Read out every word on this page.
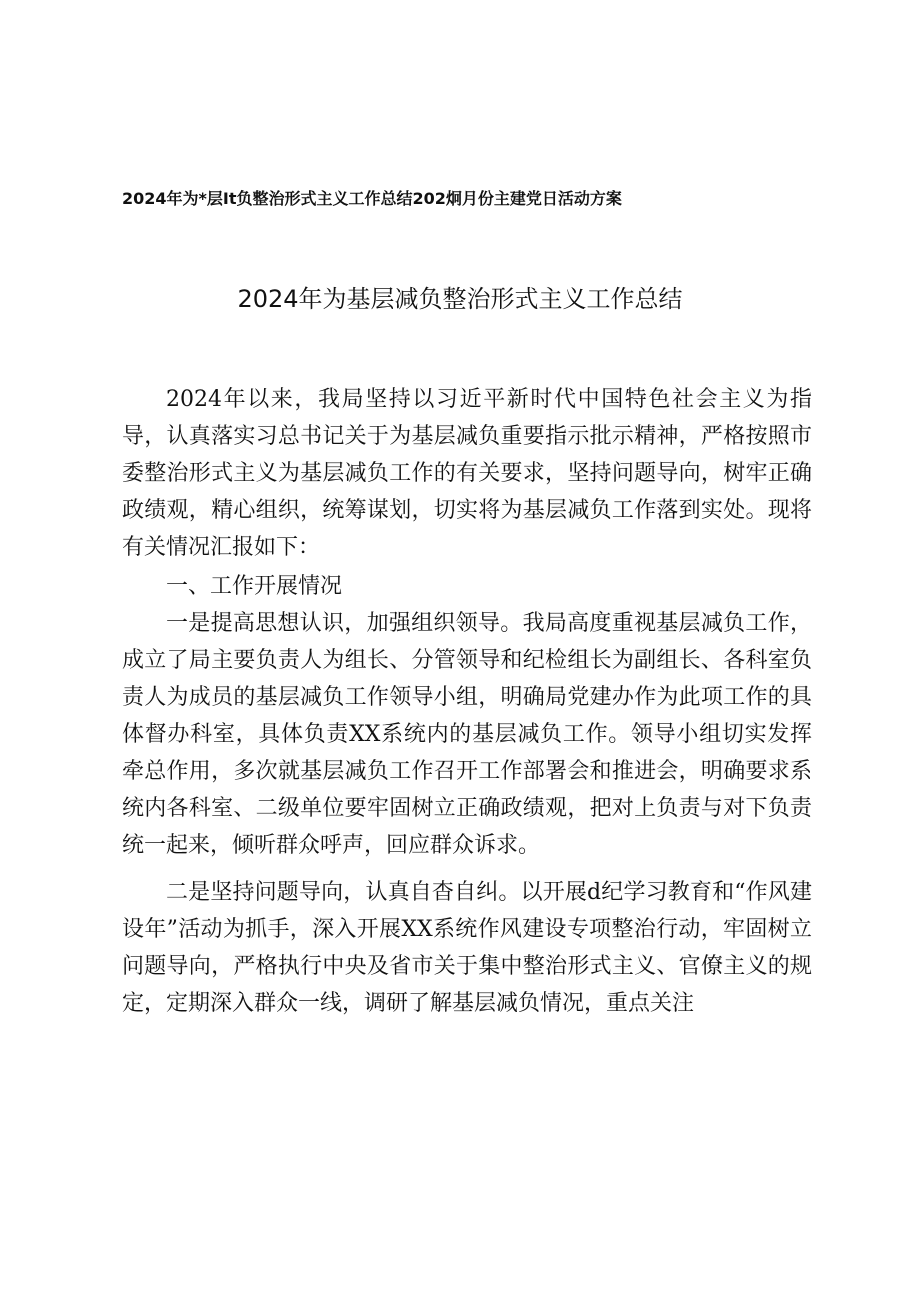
2024年为*层It负整治形式主义工作总结202炯月份主建党日活动方案
2024年为基层减负整治形式主义工作总结

2024年以来，我局坚持以习近平新时代中国特色社会主义为指导，认真落实习总书记关于为基层减负重要指示批示精神，严格按照市委整治形式主义为基层减负工作的有关要求，坚持问题导向，树牢正确政绩观，精心组织，统筹谋划，切实将为基层减负工作落到实处。现将有关情况汇报如下：

一、工作开展情况

一是提高思想认识，加强组织领导。我局高度重视基层减负工作，成立了局主要负责人为组长、分管领导和纪检组长为副组长、各科室负责人为成员的基层减负工作领导小组，明确局党建办作为此项工作的具体督办科室，具体负责XX系统内的基层减负工作。领导小组切实发挥牵总作用，多次就基层减负工作召开工作部署会和推进会，明确要求系统内各科室、二级单位要牢固树立正确政绩观，把对上负责与对下负责统一起来，倾听群众呼声，回应群众诉求。

二是坚持问题导向，认真自杳自纠。以开展d纪学习教育和“作风建设年”活动为抓手，深入开展XX系统作风建设专项整治行动，牢固树立问题导向，严格执行中央及省市关于集中整治形式主义、官僚主义的规定，定期深入群众一线，调研了解基层减负情况，重点关注
